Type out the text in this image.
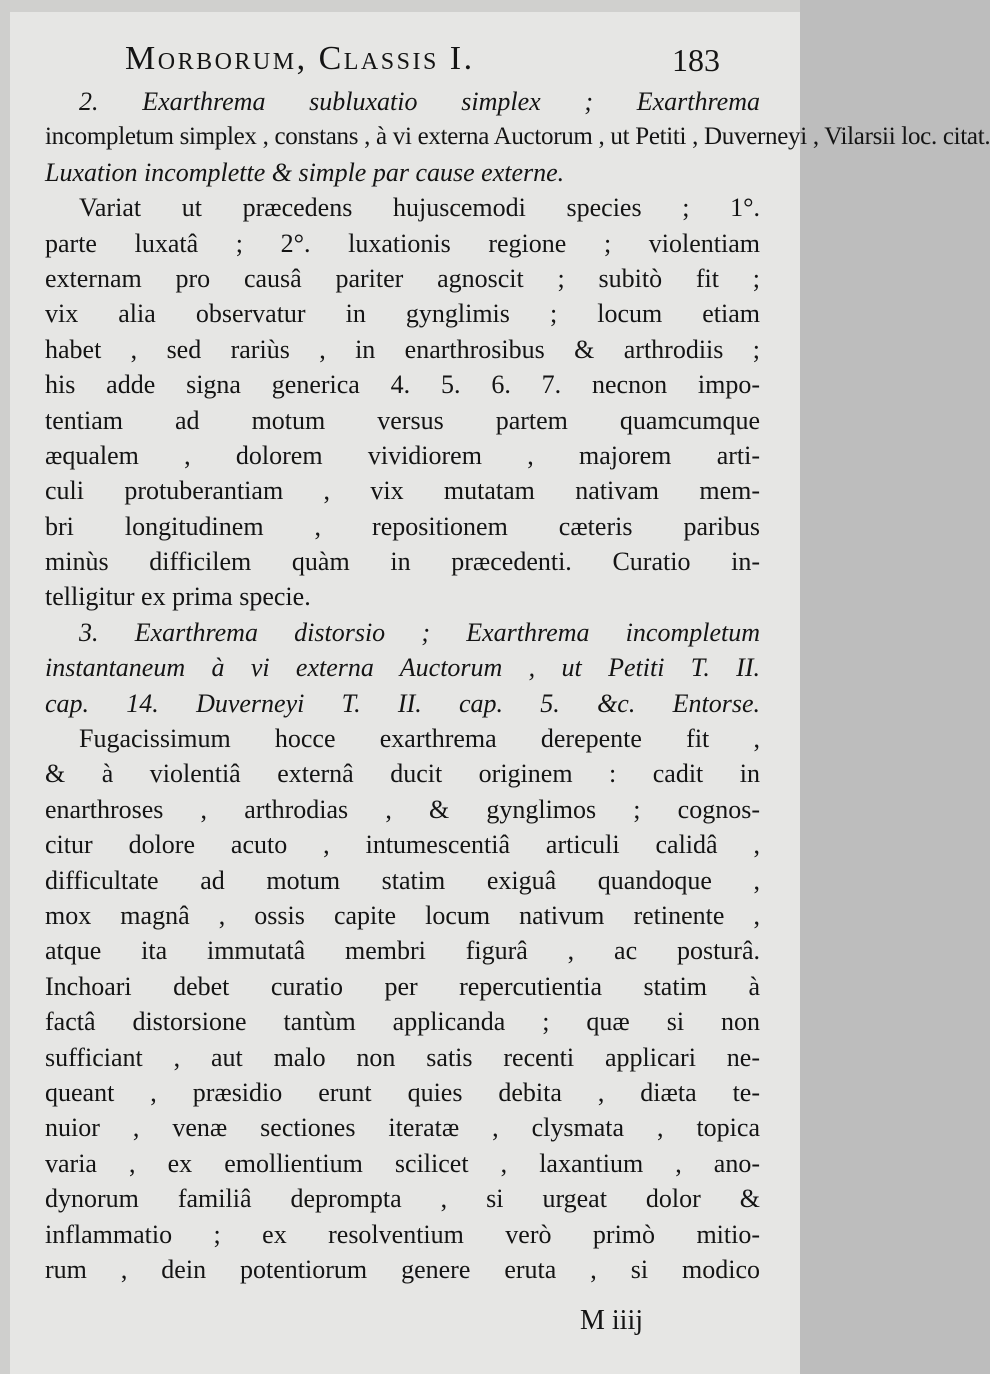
Morborum, Classis I.	183
2. Exarthrema subluxatio simplex ; Exarthrema
incompletum simplex , constans , à vi externa Auctorum , ut Petiti , Duverneyi , Vilarsii loc. citat.
Luxation incomplette & simple par cause externe.
Variat ut præcedens hujuscemodi species ; 1°.
parte luxatâ ; 2°. luxationis regione ; violentiam
externam pro causâ pariter agnoscit ; subitò fit ;
vix alia observatur in gynglimis ; locum etiam
habet , sed rariùs , in enarthrosibus & arthrodiis ;
his adde signa generica 4. 5. 6. 7. necnon impo-
tentiam ad motum versus partem quamcumque
æqualem , dolorem vividiorem , majorem arti-
culi protuberantiam , vix mutatam nativam mem-
bri longitudinem , repositionem cæteris paribus
minùs difficilem quàm in præcedenti. Curatio in-
telligitur ex prima specie.
3. Exarthrema distorsio ; Exarthrema incompletum
instantaneum à vi externa Auctorum , ut Petiti T. II.
cap. 14. Duverneyi T. II. cap. 5. &c. Entorse.
Fugacissimum hocce exarthrema derepente fit ,
& à violentiâ externâ ducit originem : cadit in
enarthroses , arthrodias , & gynglimos ; cognos-
citur dolore acuto , intumescentiâ articuli calidâ ,
difficultate ad motum statim exiguâ quandoque ,
mox magnâ , ossis capite locum nativum retinente ,
atque ita immutatâ membri figurâ , ac posturâ.
Inchoari debet curatio per repercutientia statim à
factâ distorsione tantùm applicanda ; quæ si non
sufficiant , aut malo non satis recenti applicari ne-
queant , præsidio erunt quies debita , diæta te-
nuior , venæ sectiones iteratæ , clysmata , topica
varia , ex emollientium scilicet , laxantium , ano-
dynorum familiâ deprompta , si urgeat dolor &
inflammatio ; ex resolventium verò primò mitio-
rum , dein potentiorum genere eruta , si modico
M iiij
